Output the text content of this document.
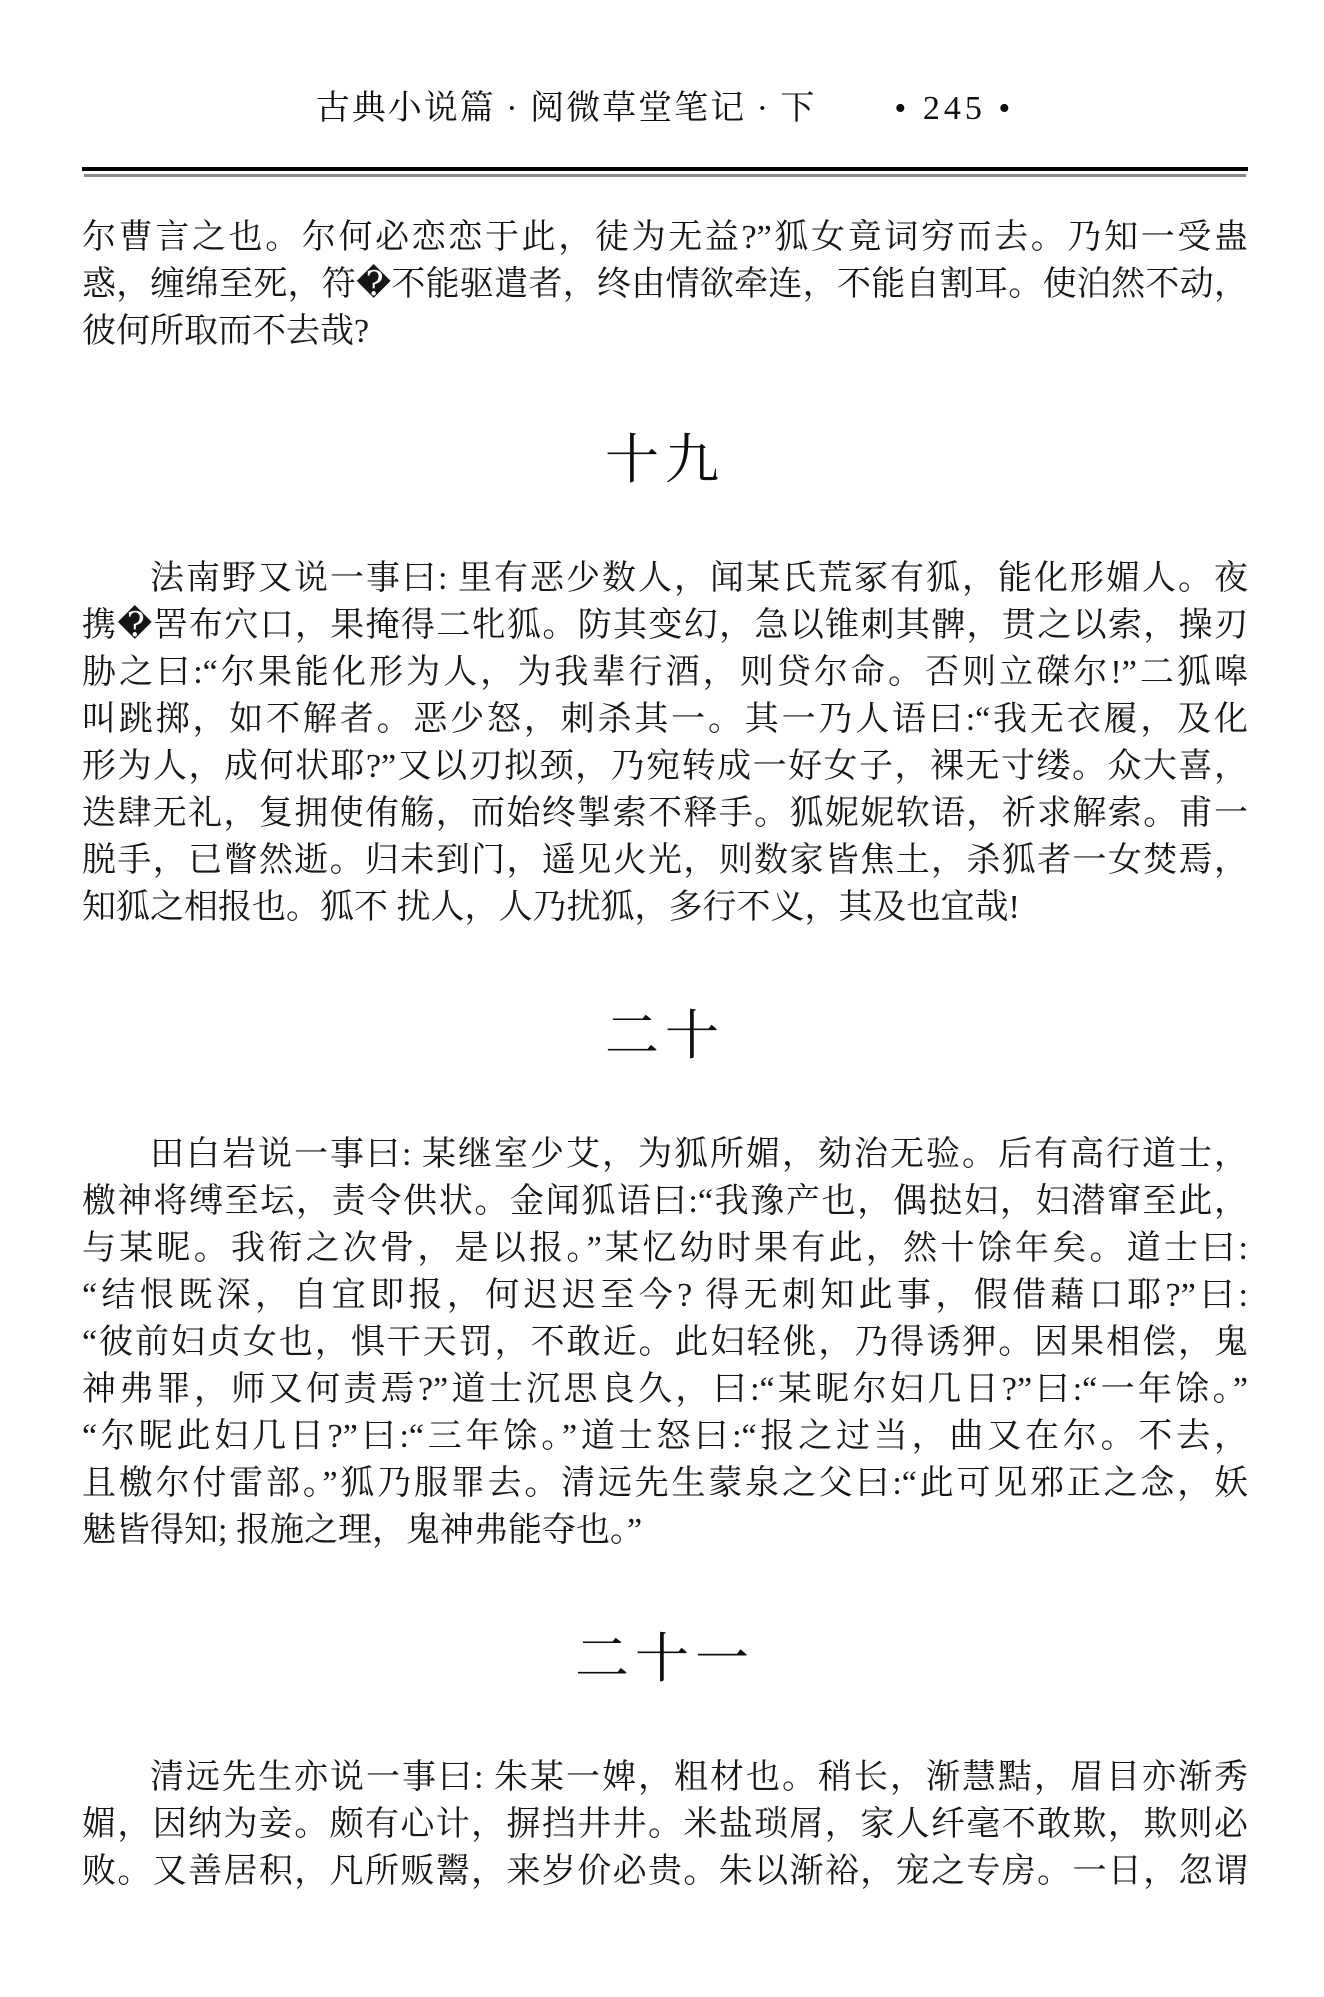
古典小说篇 · 阅微草堂笔记 · 下 • 245 •
尔曹言之也。尔何必恋恋于此，徒为无益?”狐女竟词穷而去。乃知一受蛊
惑，缠绵至死，符�不能驱遣者，终由情欲牵连，不能自割耳。使泊然不动，
彼何所取而不去哉?
十九
法南野又说一事曰: 里有恶少数人，闻某氏荒冢有狐，能化形媚人。夜
携�罟布穴口，果掩得二牝狐。防其变幻，急以锥刺其髀，贯之以索，操刃
胁之曰:“尔果能化形为人，为我辈行酒，则贷尔命。否则立磔尔!”二狐嗥
叫跳掷，如不解者。恶少怒，刺杀其一。其一乃人语曰:“我无衣履，及化
形为人，成何状耶?”又以刃拟颈，乃宛转成一好女子，裸无寸缕。众大喜，
迭肆无礼，复拥使侑觞，而始终掣索不释手。狐妮妮软语，祈求解索。甫一
脱手，已瞥然逝。归未到门，遥见火光，则数家皆焦土，杀狐者一女焚焉，
知狐之相报也。狐不 扰人，人乃扰狐，多行不义，其及也宜哉!
二十
田白岩说一事曰: 某继室少艾，为狐所媚，劾治无验。后有高行道士，
檄神将缚至坛，责令供状。金闻狐语曰:“我豫产也，偶挞妇，妇潜窜至此，
与某昵。我衔之次骨，是以报。”某忆幼时果有此，然十馀年矣。道士曰:
“结恨既深，自宜即报，何迟迟至今? 得无刺知此事，假借藉口耶?”曰:
“彼前妇贞女也，惧干天罚，不敢近。此妇轻佻，乃得诱狎。因果相偿，鬼
神弗罪，师又何责焉?”道士沉思良久，曰:“某昵尔妇几日?”曰:“一年馀。”
“尔昵此妇几日?”曰:“三年馀。”道士怒曰:“报之过当，曲又在尔。不去，
且檄尔付雷部。”狐乃服罪去。清远先生蒙泉之父曰:“此可见邪正之念，妖
魅皆得知; 报施之理，鬼神弗能夺也。”
二十一
清远先生亦说一事曰: 朱某一婢，粗材也。稍长，渐慧黠，眉目亦渐秀
媚，因纳为妾。颇有心计，摒挡井井。米盐琐屑，家人纤毫不敢欺，欺则必
败。又善居积，凡所贩鬻，来岁价必贵。朱以渐裕，宠之专房。一日，忽谓
